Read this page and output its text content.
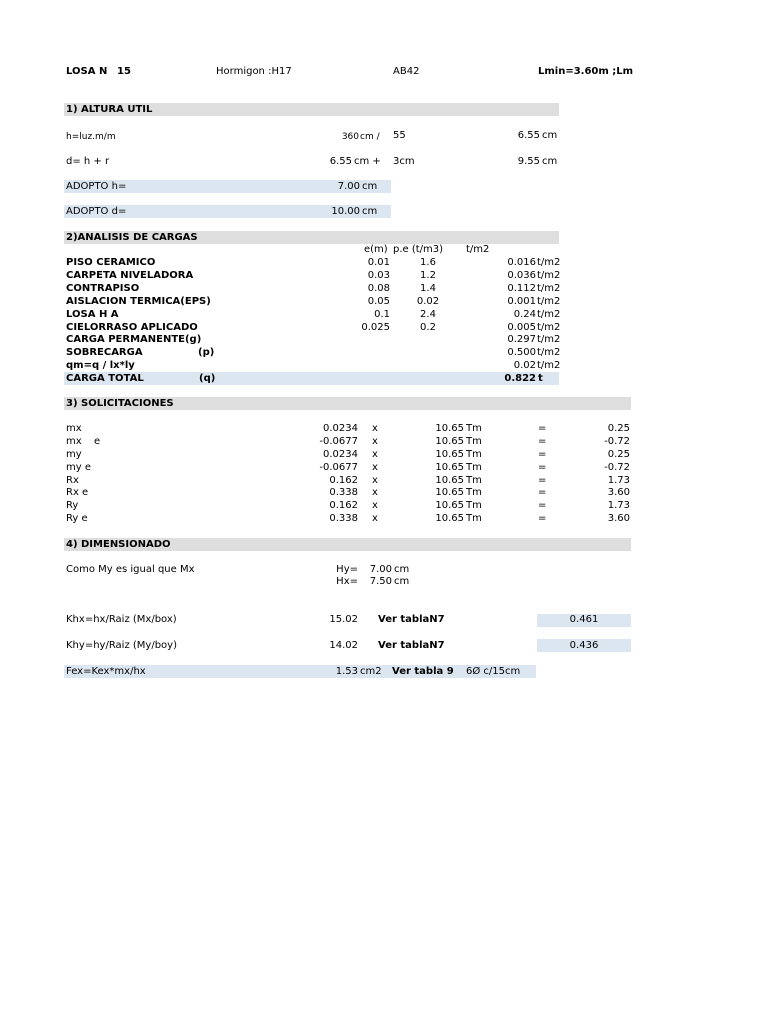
LOSA N 15	Hormigon :H17	AB42	Lmin=3.60m ;Lm
1) ALTURA UTIL
h=luz.m/m	360 cm / 55	6.55 cm
d= h + r	6.55 cm + 3cm	9.55 cm
ADOPTO h=	7.00 cm
ADOPTO d=	10.00 cm
2)ANALISIS DE CARGAS
e(m) p.e (t/m3) t/m2
PISO CERAMICO	0.01	1.6	0.016 t/m2
CARPETA NIVELADORA	0.03	1.2	0.036 t/m2
CONTRAPISO	0.08	1.4	0.112 t/m2
AISLACION TERMICA(EPS)	0.05	0.02	0.001 t/m2
LOSA H A	0.1	2.4	0.24 t/m2
CIELORRASO APLICADO	0.025	0.2	0.005 t/m2
CARGA PERMANENTE(g)	0.297 t/m2
SOBRECARGA	(p)	0.500 t/m2
qm=q / lx*ly	0.02 t/m2
CARGA TOTAL	(q)	0.822 t
3) SOLICITACIONES
mx	0.0234 x	10.65 Tm	=	0.25
mx e	-0.0677 x	10.65 Tm	=	-0.72
my	0.0234 x	10.65 Tm	=	0.25
my e	-0.0677 x	10.65 Tm	=	-0.72
Rx	0.162 x	10.65 Tm	=	1.73
Rx e	0.338 x	10.65 Tm	=	3.60
Ry	0.162 x	10.65 Tm	=	1.73
Ry e	0.338 x	10.65 Tm	=	3.60
4) DIMENSIONADO
Como My es igual que Mx	Hy=	7.00 cm
Hx=	7.50 cm
Khx=hx/Raiz (Mx/box)	15.02 Ver tablaN7	0.461
Khy=hy/Raiz (My/boy)	14.02 Ver tablaN7	0.436
Fex=Kex*mx/hx	1.53 cm2 Ver tabla 9 6Ø c/15cm
